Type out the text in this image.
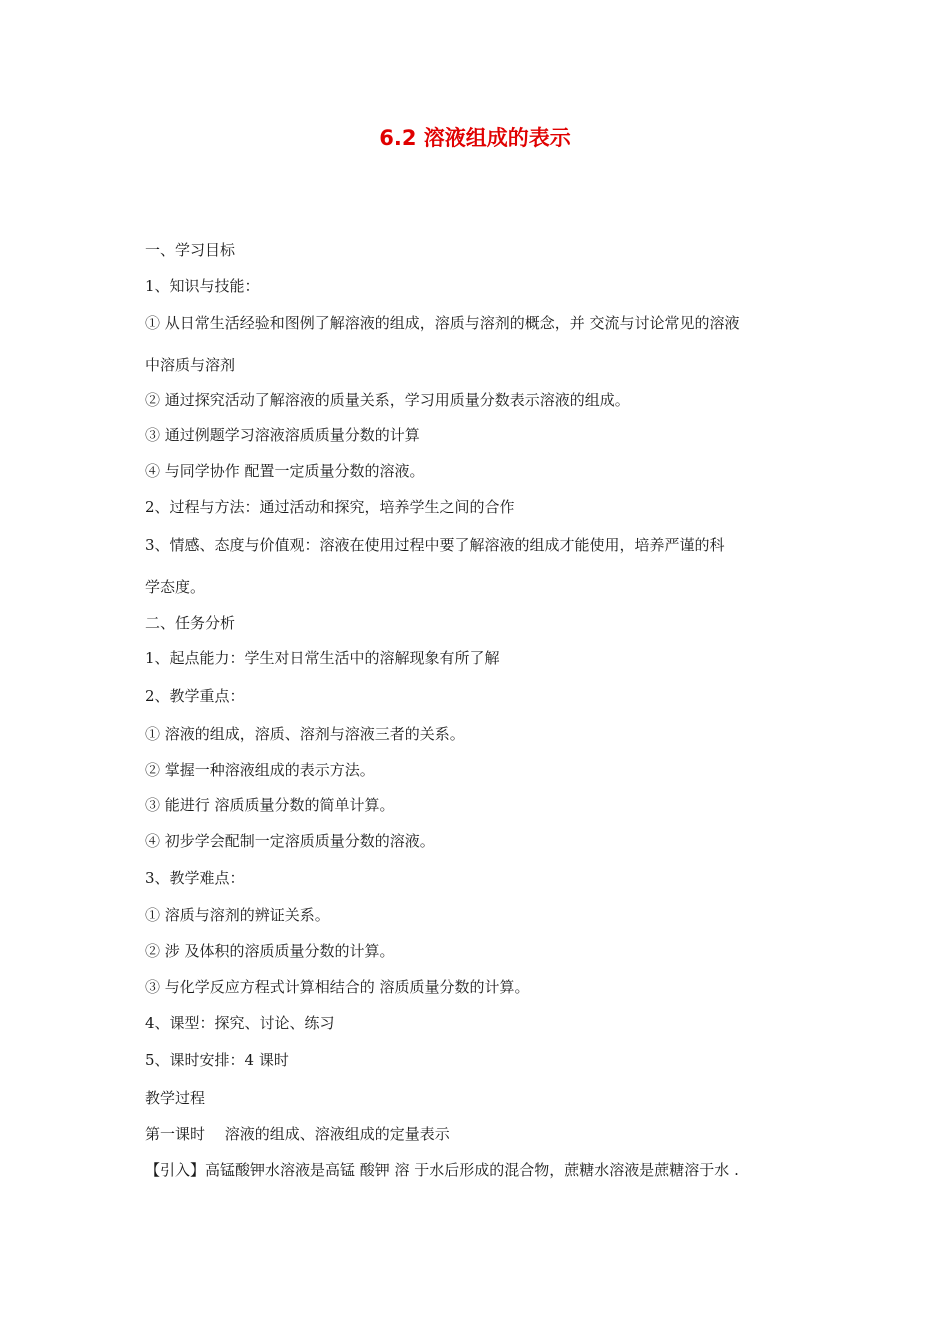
6.2 溶液组成的表示
一、学习目标
1、知识与技能：
① 从日常生活经验和图例了解溶液的组成，溶质与溶剂的概念，并 交流与讨论常见的溶液
中溶质与溶剂
② 通过探究活动了解溶液的质量关系，学习用质量分数表示溶液的组成。
③ 通过例题学习溶液溶质质量分数的计算
④ 与同学协作 配置一定质量分数的溶液。
2、过程与方法：通过活动和探究，培养学生之间的合作
3、情感、态度与价值观：溶液在使用过程中要了解溶液的组成才能使用，培养严谨的科
学态度。
二、任务分析
1、起点能力：学生对日常生活中的溶解现象有所了解
2、教学重点：
① 溶液的组成，溶质、溶剂与溶液三者的关系。
② 掌握一种溶液组成的表示方法。
③ 能进行 溶质质量分数的简单计算。
④ 初步学会配制一定溶质质量分数的溶液。
3、教学难点：
① 溶质与溶剂的辨证关系。
② 涉 及体积的溶质质量分数的计算。
③ 与化学反应方程式计算相结合的 溶质质量分数的计算。
4、课型：探究、讨论、练习
5、课时安排：4 课时
教学过程
第一课时　 溶液的组成、溶液组成的定量表示
【引入】高锰酸钾水溶液是高锰 酸钾 溶 于水后形成的混合物，蔗糖水溶液是蔗糖溶于水 .
